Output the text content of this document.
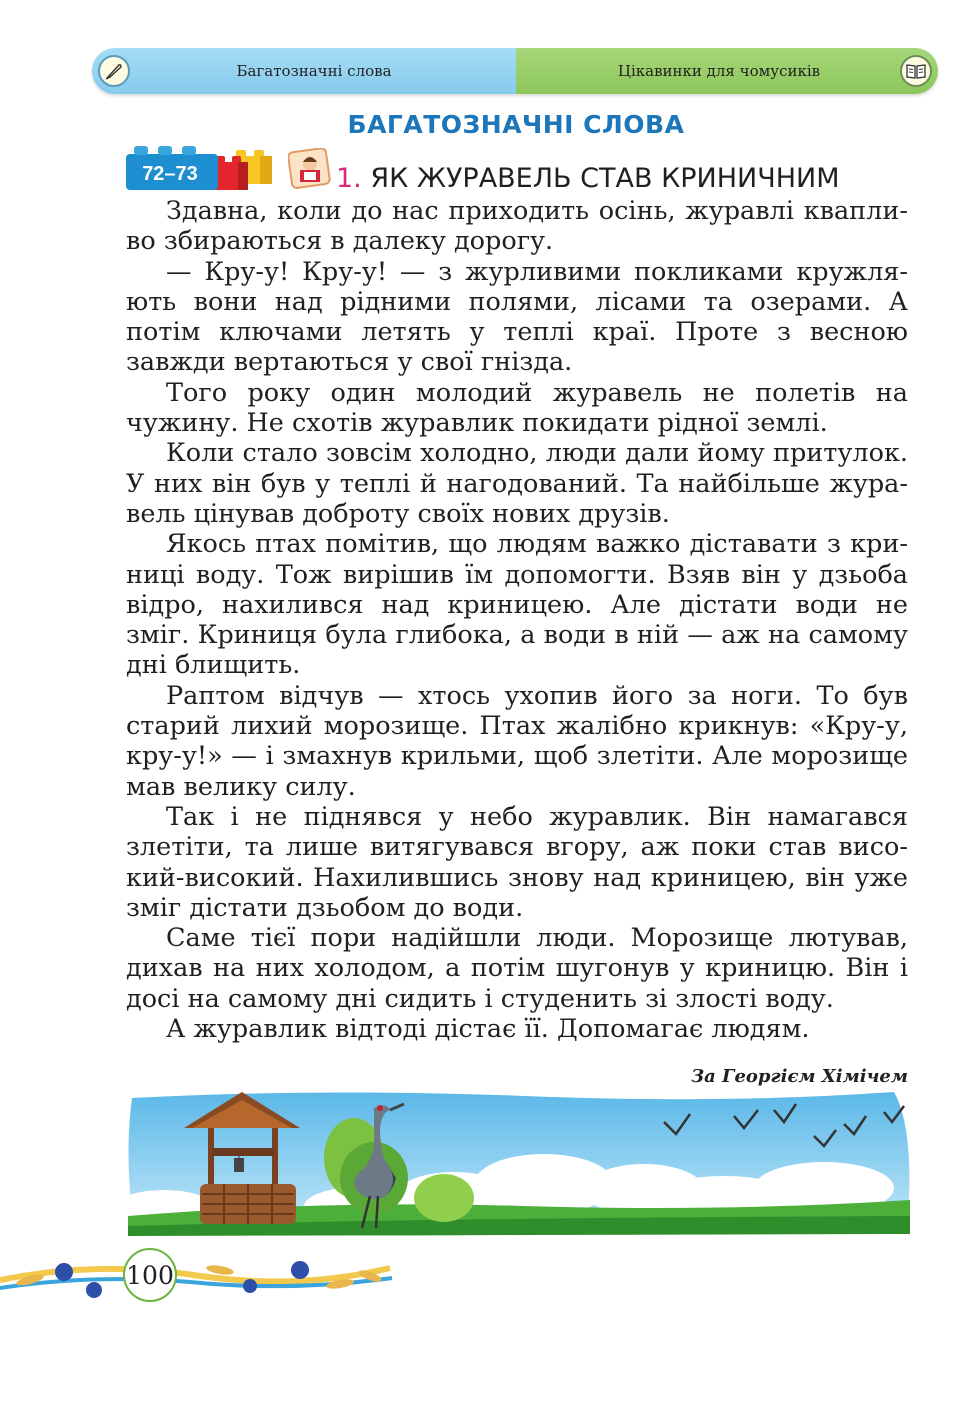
Багатозначні слова	Цікавинки для чомусиків
БАГАТОЗНАЧНІ СЛОВА
72–73	1. ЯК ЖУРАВЕЛЬ СТАВ КРИНИЧНИМ

Здавна, коли до нас приходить осінь, журавлі квапливо збираються в далеку дорогу.

— Кру-у! Кру-у! — з журливими покликами кружляють вони над рідними полями, лісами та озерами. А потім ключами летять у теплі краї. Проте з весною завжди вертаються у свої гнізда.

Того року один молодий журавель не полетів на чужину. Не схотів журавлик покидати рідної землі.

Коли стало зовсім холодно, люди дали йому притулок. У них він був у теплі й нагодований. Та найбільше журавель цінував доброту своїх нових друзів.

Якось птах помітив, що людям важко діставати з криниці воду. Тож вирішив їм допомогти. Взяв він у дзьоба відро, нахилився над криницею. Але дістати води не зміг. Криниця була глибока, а води в ній — аж на самому дні блищить.

Раптом відчув — хтось ухопив його за ноги. То був старий лихий морозище. Птах жалібно крикнув: «Кру-у, кру-у!» — і змахнув крильми, щоб злетіти. Але морозище мав велику силу.

Так і не піднявся у небо журавлик. Він намагався злетіти, та лише витягувався вгору, аж поки став високий-високий. Нахилившись знову над криницею, він уже зміг дістати дзьобом до води.

Саме тієї пори надійшли люди. Морозище лютував, дихав на них холодом, а потім шугонув у криницю. Він і досі на самому дні сидить і студенить зі злості воду.

А журавлик відтоді дістає її. Допомагає людям.

За Георгієм Хімічем
100
